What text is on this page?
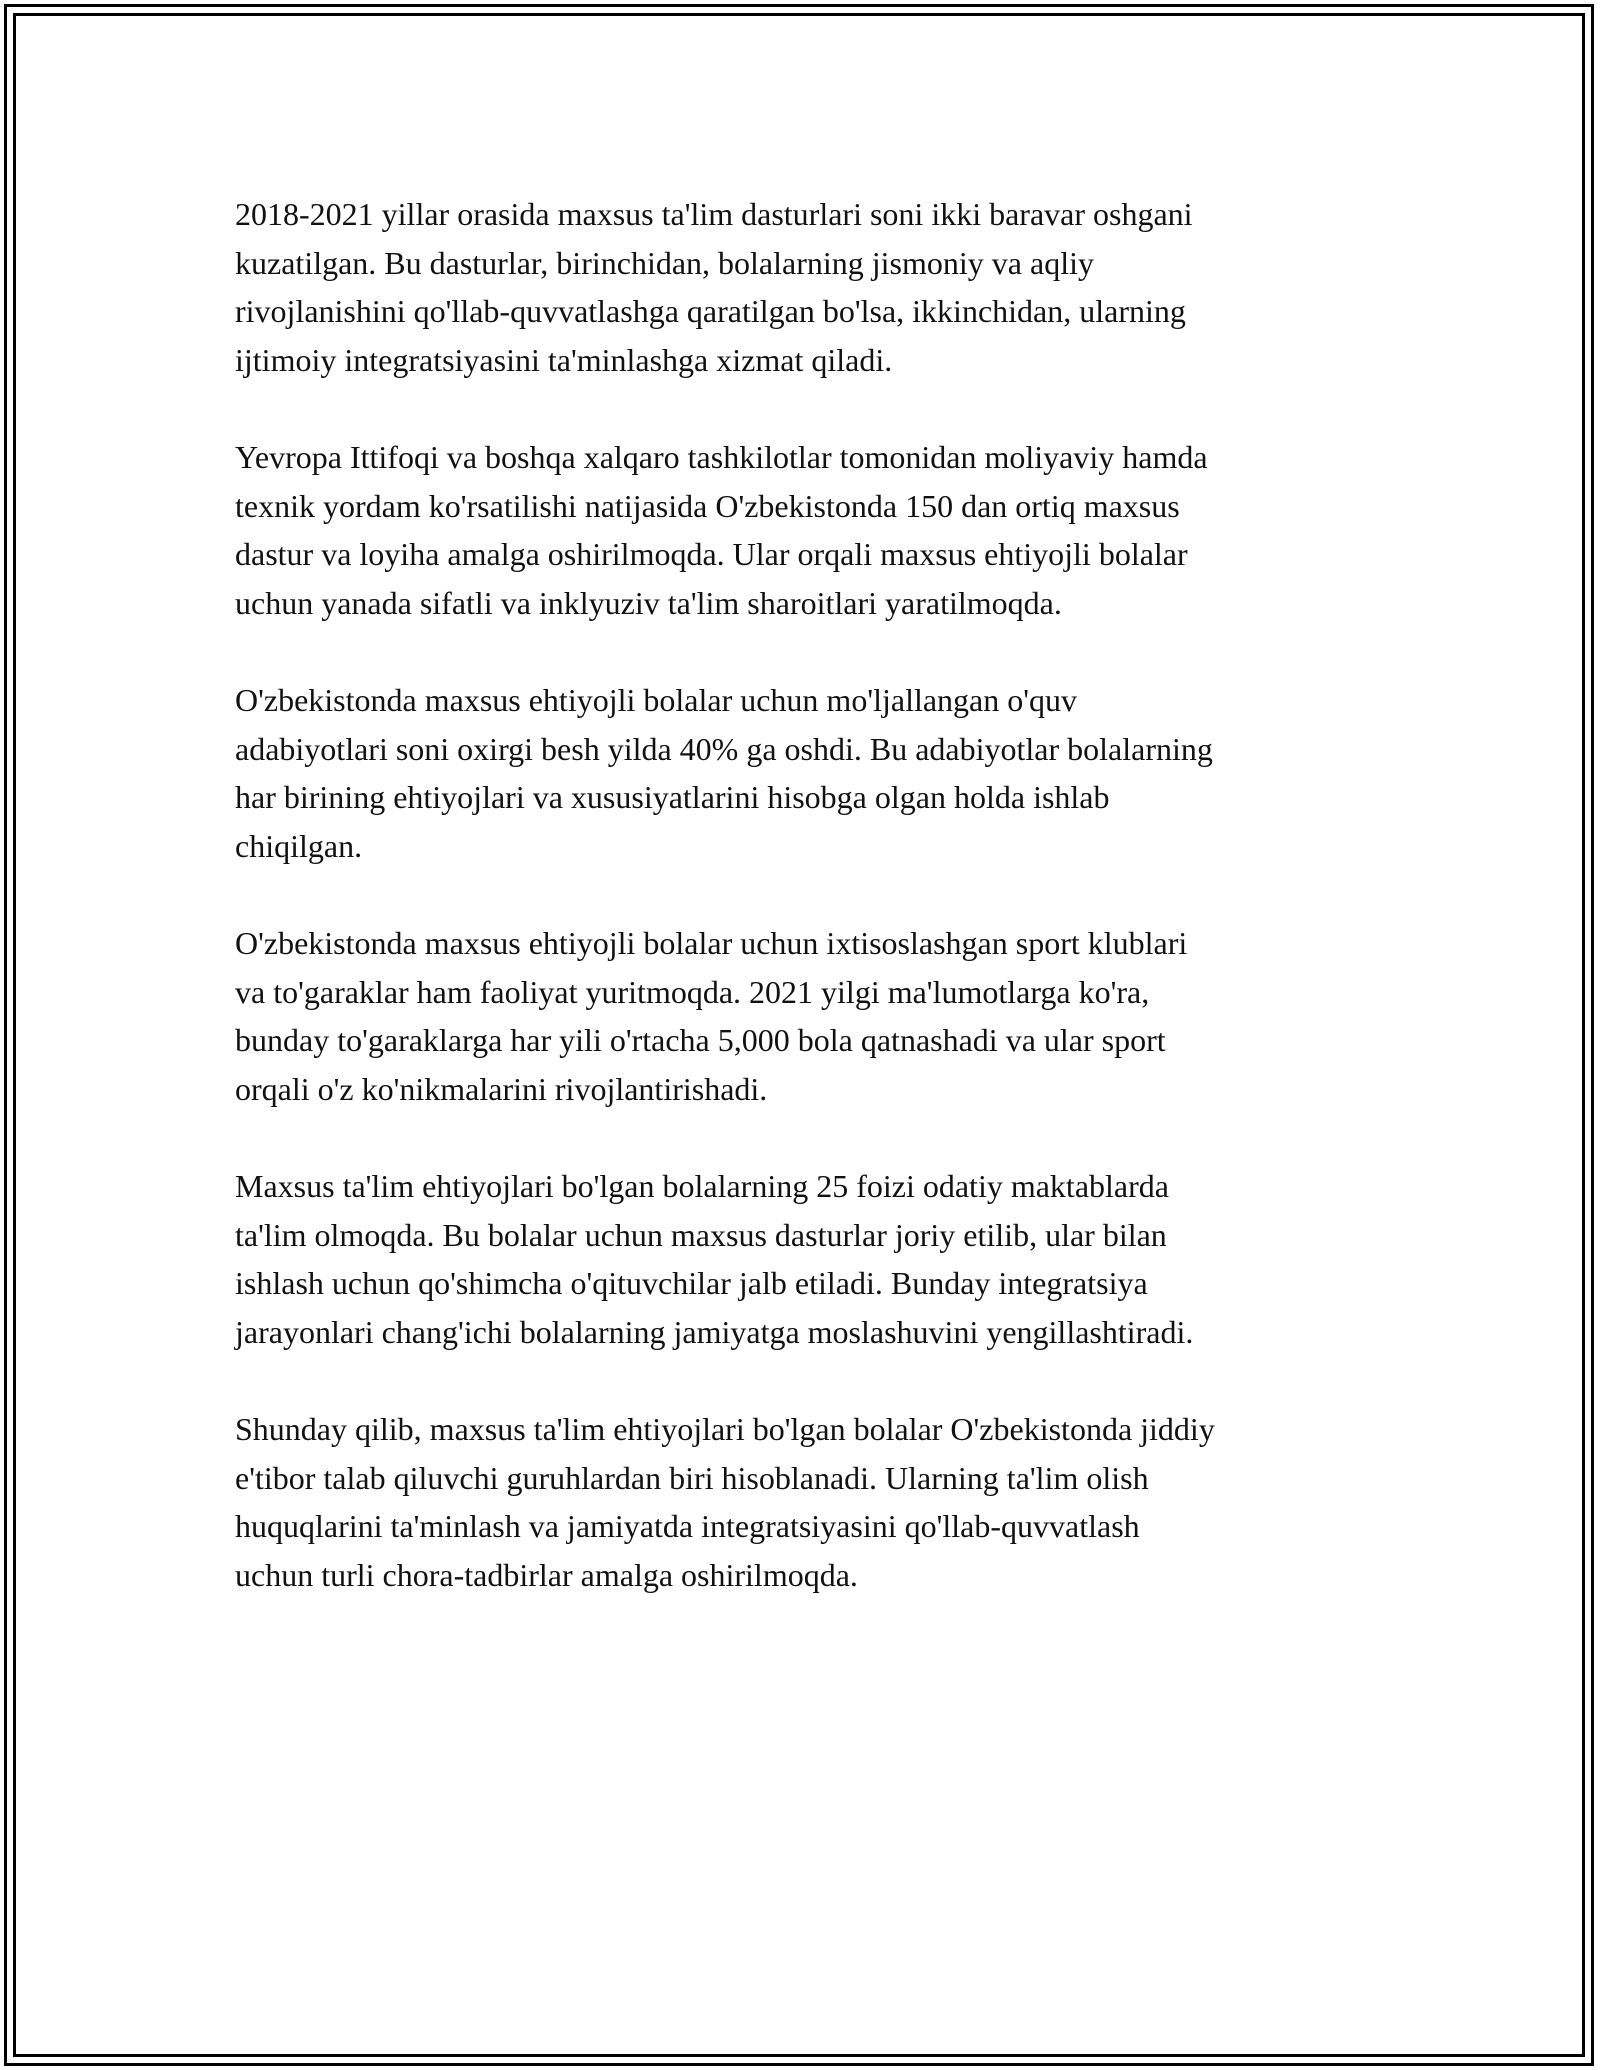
2018-2021 yillar orasida maxsus ta'lim dasturlari soni ikki baravar oshgani
kuzatilgan. Bu dasturlar, birinchidan, bolalarning jismoniy va aqliy
rivojlanishini qo'llab-quvvatlashga qaratilgan bo'lsa, ikkinchidan, ularning
ijtimoiy integratsiyasini ta'minlashga xizmat qiladi.

Yevropa Ittifoqi va boshqa xalqaro tashkilotlar tomonidan moliyaviy hamda
texnik yordam ko'rsatilishi natijasida O'zbekistonda 150 dan ortiq maxsus
dastur va loyiha amalga oshirilmoqda. Ular orqali maxsus ehtiyojli bolalar
uchun yanada sifatli va inklyuziv ta'lim sharoitlari yaratilmoqda.

O'zbekistonda maxsus ehtiyojli bolalar uchun mo'ljallangan o'quv
adabiyotlari soni oxirgi besh yilda 40% ga oshdi. Bu adabiyotlar bolalarning
har birining ehtiyojlari va xususiyatlarini hisobga olgan holda ishlab
chiqilgan.

O'zbekistonda maxsus ehtiyojli bolalar uchun ixtisoslashgan sport klublari
va to'garaklar ham faoliyat yuritmoqda. 2021 yilgi ma'lumotlarga ko'ra,
bunday to'garaklarga har yili o'rtacha 5,000 bola qatnashadi va ular sport
orqali o'z ko'nikmalarini rivojlantirishadi.

Maxsus ta'lim ehtiyojlari bo'lgan bolalarning 25 foizi odatiy maktablarda
ta'lim olmoqda. Bu bolalar uchun maxsus dasturlar joriy etilib, ular bilan
ishlash uchun qo'shimcha o'qituvchilar jalb etiladi. Bunday integratsiya
jarayonlari chang'ichi bolalarning jamiyatga moslashuvini yengillashtiradi.

Shunday qilib, maxsus ta'lim ehtiyojlari bo'lgan bolalar O'zbekistonda jiddiy
e'tibor talab qiluvchi guruhlardan biri hisoblanadi. Ularning ta'lim olish
huquqlarini ta'minlash va jamiyatda integratsiyasini qo'llab-quvvatlash
uchun turli chora-tadbirlar amalga oshirilmoqda.
